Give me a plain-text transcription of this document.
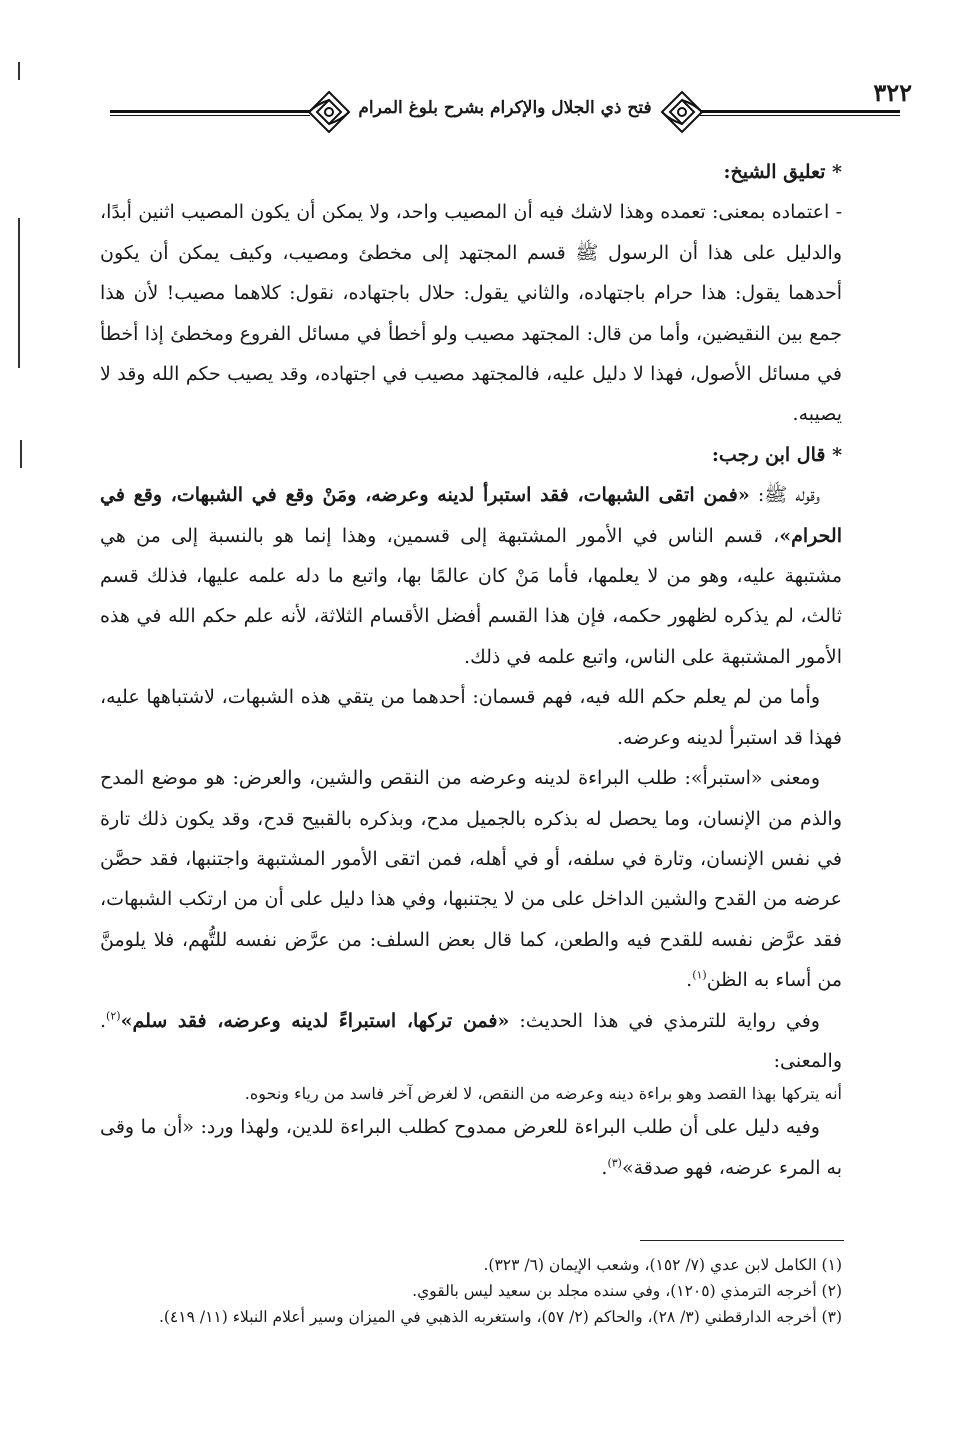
فتح ذي الجلال والإكرام بشرح بلوغ المرام
٣٢٢

* تعليق الشيخ:

- اعتماده بمعنى: تعمده وهذا لاشك فيه أن المصيب واحد، ولا يمكن أن يكون المصيب اثنين أبدًا، والدليل على هذا أن الرسول ﷺ قسم المجتهد إلى مخطئ ومصيب، وكيف يمكن أن يكون أحدهما يقول: هذا حرام باجتهاده، والثاني يقول: حلال باجتهاده، نقول: كلاهما مصيب! لأن هذا جمع بين النقيضين، وأما من قال: المجتهد مصيب ولو أخطأ في مسائل الفروع ومخطئ إذا أخطأ في مسائل الأصول، فهذا لا دليل عليه، فالمجتهد مصيب في اجتهاده، وقد يصيب حكم الله وقد لا يصيبه.

* قال ابن رجب:

وقوله ﷺ: «فمن اتقى الشبهات، فقد استبرأ لدينه وعرضه، ومَنْ وقع في الشبهات، وقع في الحرام»، قسم الناس في الأمور المشتبهة إلى قسمين، وهذا إنما هو بالنسبة إلى من هي مشتبهة عليه، وهو من لا يعلمها، فأما مَنْ كان عالمًا بها، واتبع ما دله علمه عليها، فذلك قسم ثالث، لم يذكره لظهور حكمه، فإن هذا القسم أفضل الأقسام الثلاثة، لأنه علم حكم الله في هذه الأمور المشتبهة على الناس، واتبع علمه في ذلك.

وأما من لم يعلم حكم الله فيه، فهم قسمان: أحدهما من يتقي هذه الشبهات، لاشتباهها عليه، فهذا قد استبرأ لدينه وعرضه.

ومعنى «استبرأ»: طلب البراءة لدينه وعرضه من النقص والشين، والعرض: هو موضع المدح والذم من الإنسان، وما يحصل له بذكره بالجميل مدح، وبذكره بالقبيح قدح، وقد يكون ذلك تارة في نفس الإنسان، وتارة في سلفه، أو في أهله، فمن اتقى الأمور المشتبهة واجتنبها، فقد حصَّن عرضه من القدح والشين الداخل على من لا يجتنبها، وفي هذا دليل على أن من ارتكب الشبهات، فقد عرَّض نفسه للقدح فيه والطعن، كما قال بعض السلف: من عرَّض نفسه للتُّهم، فلا يلومنَّ من أساء به الظن$^{(١)}$.

وفي رواية للترمذي في هذا الحديث: «فمن تركها، استبراءً لدينه وعرضه، فقد سلم»$^{(٢)}$. والمعنى:

أنه يتركها بهذا القصد وهو براءة دينه وعرضه من النقص، لا لغرض آخر فاسد من رياء ونحوه.

وفيه دليل على أن طلب البراءة للعرض ممدوح كطلب البراءة للدين، ولهذا ورد: «أن ما وقى به المرء عرضه، فهو صدقة»$^{(٣)}$.

(١) الكامل لابن عدي (٧/ ١٥٢)، وشعب الإيمان (٦/ ٣٢٣).

(٢) أخرجه الترمذي (١٢٠٥)، وفي سنده مجلد بن سعيد ليس بالقوي.

(٣) أخرجه الدارقطني (٣/ ٢٨)، والحاكم (٢/ ٥٧)، واستغربه الذهبي في الميزان وسير أعلام النبلاء (١١/ ٤١٩).
